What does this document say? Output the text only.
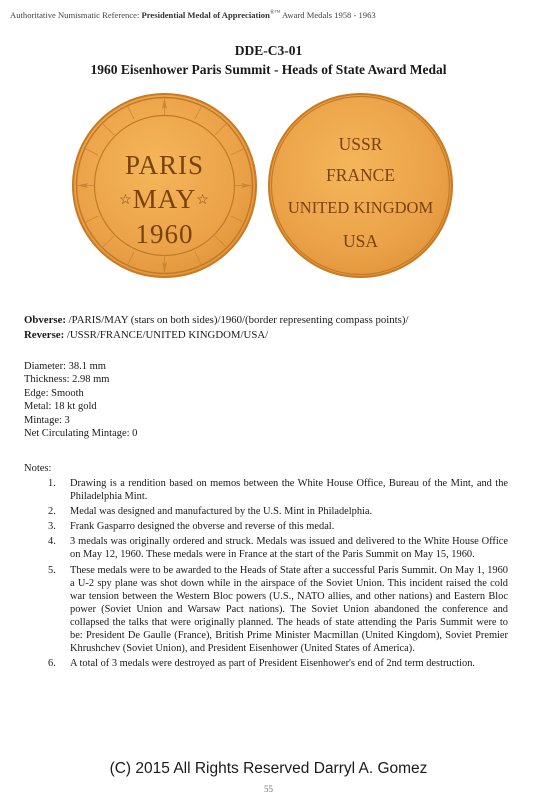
Authoritative Numismatic Reference: Presidential Medal of Appreciation®™ Award Medals 1958 - 1963
DDE-C3-01
1960 Eisenhower Paris Summit - Heads of State Award Medal
PARIS
☆MAY☆
1960
USSR
FRANCE
UNITED KINGDOM
USA
Obverse: /PARIS/MAY (stars on both sides)/1960/(border representing compass points)/
Reverse: /USSR/FRANCE/UNITED KINGDOM/USA/
Diameter: 38.1 mm
Thickness: 2.98 mm
Edge: Smooth
Metal: 18 kt gold
Mintage: 3
Net Circulating Mintage: 0
Notes:
1. Drawing is a rendition based on memos between the White House Office, Bureau of the Mint, and the Philadelphia Mint.
2. Medal was designed and manufactured by the U.S. Mint in Philadelphia.
3. Frank Gasparro designed the obverse and reverse of this medal.
4. 3 medals was originally ordered and struck. Medals was issued and delivered to the White House Office on May 12, 1960. These medals were in France at the start of the Paris Summit on May 15, 1960.
5. These medals were to be awarded to the Heads of State after a successful Paris Summit. On May 1, 1960 a U-2 spy plane was shot down while in the airspace of the Soviet Union. This incident raised the cold war tension between the Western Bloc powers (U.S., NATO allies, and other nations) and Eastern Bloc power (Soviet Union and Warsaw Pact nations). The Soviet Union abandoned the conference and collapsed the talks that were originally planned. The heads of state attending the Paris Summit were to be: President De Gaulle (France), British Prime Minister Macmillan (United Kingdom), Soviet Premier Khrushchev (Soviet Union), and President Eisenhower (United States of America).
6. A total of 3 medals were destroyed as part of President Eisenhower's end of 2nd term destruction.
(C) 2015 All Rights Reserved Darryl A. Gomez
55
